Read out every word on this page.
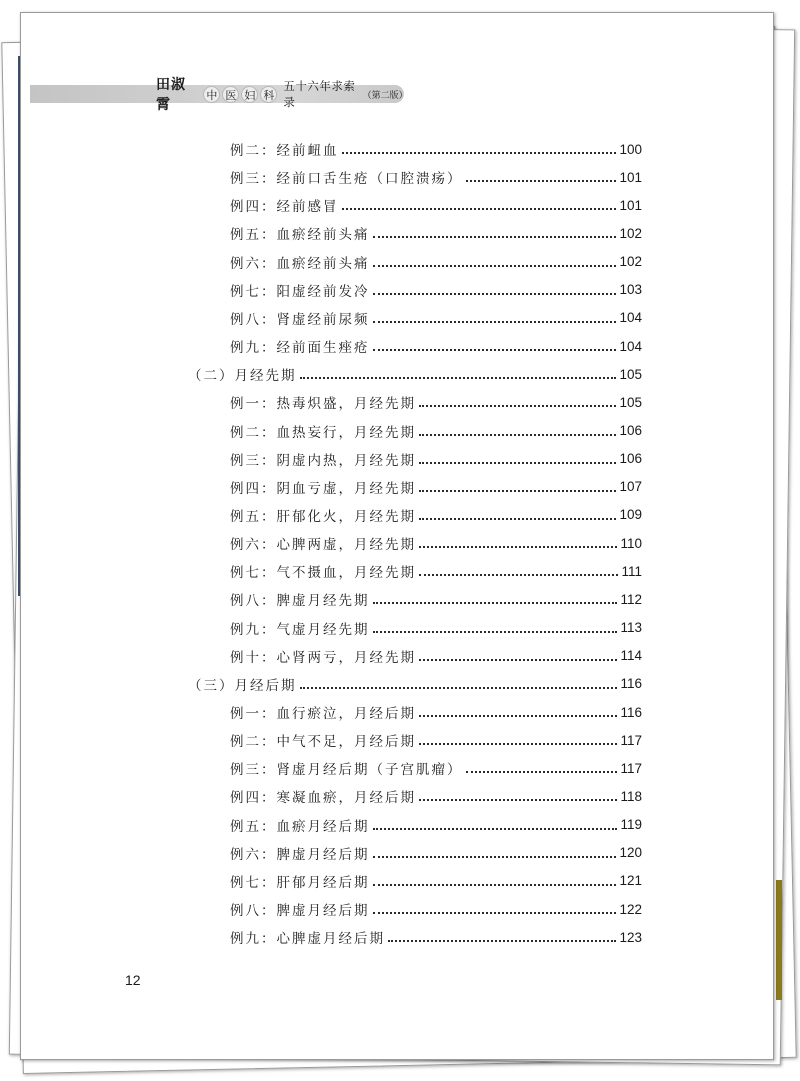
田淑霄
中 医 妇 科
五十六年求索录	（第二版）
例二：经前衄血	100
例三：经前口舌生疮（口腔溃疡）	101
例四：经前感冒	101
例五：血瘀经前头痛	102
例六：血瘀经前头痛	102
例七：阳虚经前发冷	103
例八：肾虚经前尿频	104
例九：经前面生痤疮	104
（二）月经先期	105
例一：热毒炽盛，月经先期	105
例二：血热妄行，月经先期	106
例三：阴虚内热，月经先期	106
例四：阴血亏虚，月经先期	107
例五：肝郁化火，月经先期	109
例六：心脾两虚，月经先期	110
例七：气不摄血，月经先期	111
例八：脾虚月经先期	112
例九：气虚月经先期	113
例十：心肾两亏，月经先期	114
（三）月经后期	116
例一：血行瘀泣，月经后期	116
例二：中气不足，月经后期	117
例三：肾虚月经后期（子宫肌瘤）	117
例四：寒凝血瘀，月经后期	118
例五：血瘀月经后期	119
例六：脾虚月经后期	120
例七：肝郁月经后期	121
例八：脾虚月经后期	122
例九：心脾虚月经后期	123
12
